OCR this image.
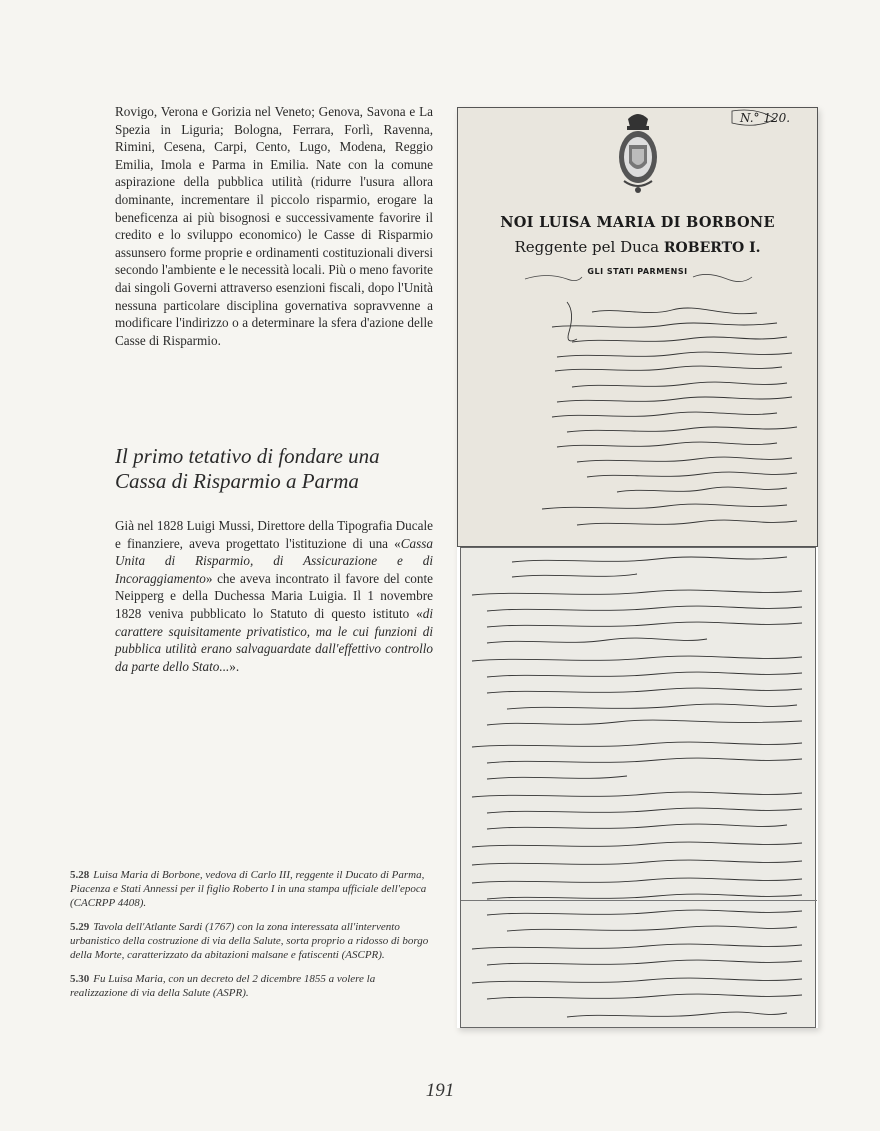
Rovigo, Verona e Gorizia nel Veneto; Genova, Savona e La Spezia in Liguria; Bologna, Ferrara, Forlì, Ravenna, Rimini, Cesena, Carpi, Cento, Lugo, Modena, Reggio Emilia, Imola e Parma in Emilia. Nate con la comune aspirazione della pubblica utilità (ridurre l'usura allora dominante, incrementare il piccolo risparmio, erogare la beneficenza ai più bisognosi e successivamente favorire il credito e lo sviluppo economico) le Casse di Risparmio assunsero forme proprie e ordinamenti costituzionali diversi secondo l'ambiente e le necessità locali. Più o meno favorite dai singoli Governi attraverso esenzioni fiscali, dopo l'Unità nessuna particolare disciplina governativa sopravvenne a modificare l'indirizzo o a determinare la sfera d'azione delle Casse di Risparmio.
Il primo tetativo di fondare una Cassa di Risparmio a Parma
Già nel 1828 Luigi Mussi, Direttore della Tipografia Ducale e finanziere, aveva progettato l'istituzione di una «Cassa Unita di Risparmio, di Assicurazione e di Incoraggiamento» che aveva incontrato il favore del conte Neipperg e della Duchessa Maria Luigia. Il 1 novembre 1828 veniva pubblicato lo Statuto di questo istituto «di carattere squisitamente privatistico, ma le cui funzioni di pubblica utilità erano salvaguardate dall'effettivo controllo da parte dello Stato...».

5.28 Luisa Maria di Borbone, vedova di Carlo III, reggente il Ducato di Parma, Piacenza e Stati Annessi per il figlio Roberto I in una stampa ufficiale dell'epoca (CACRPP 4408).

5.29 Tavola dell'Atlante Sardi (1767) con la zona interessata all'intervento urbanistico della costruzione di via della Salute, sorta proprio a ridosso di borgo della Morte, caratterizzato da abitazioni malsane e fatiscenti (ASCPR).

5.30 Fu Luisa Maria, con un decreto del 2 dicembre 1855 a volere la realizzazione di via della Salute (ASPR).

N.° 120.
NOI LUISA MARIA DI BORBONE
Reggente pel Duca ROBERTO I.
GLI STATI PARMENSI
191
